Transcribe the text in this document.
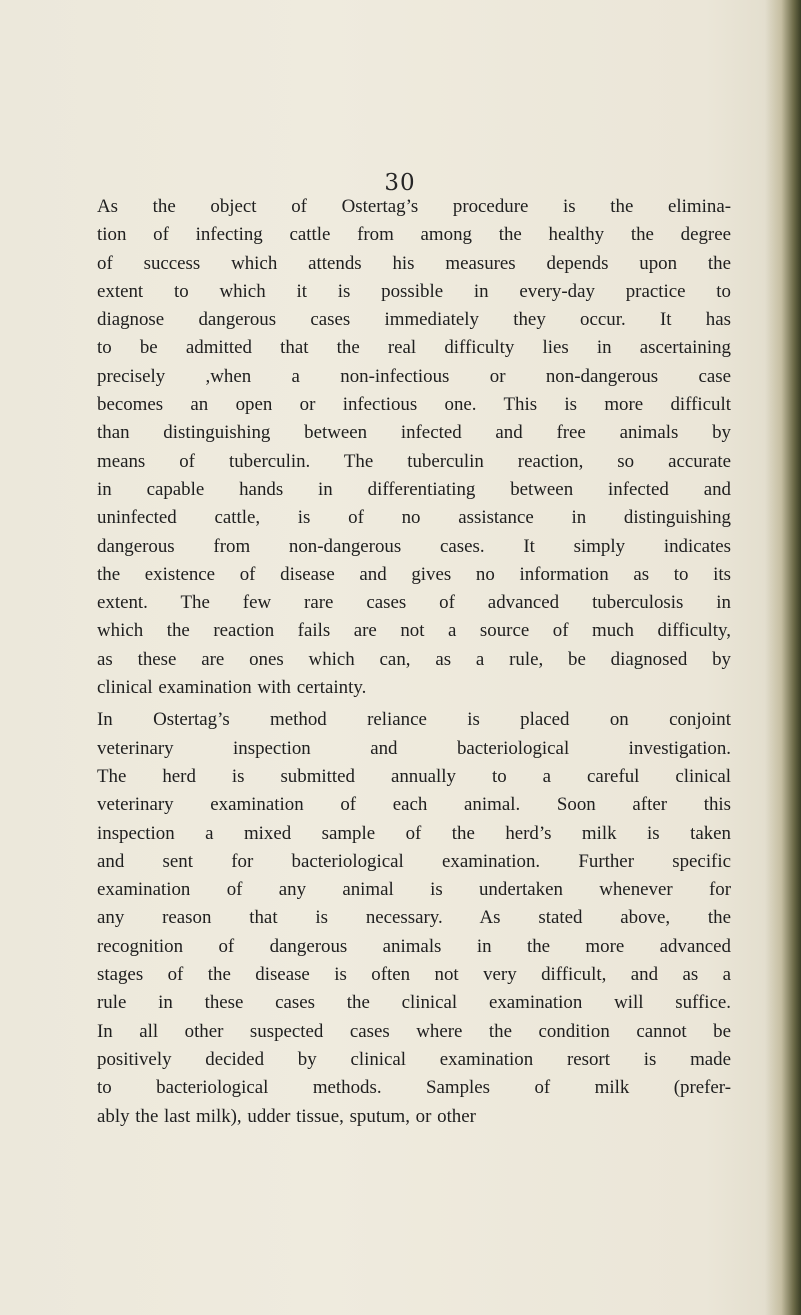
30
As the object of Ostertag’s procedure is the elimina-
tion of infecting cattle from among the healthy the degree
of success which attends his measures depends upon the
extent to which it is possible in every-day practice to
diagnose dangerous cases immediately they occur. It has
to be admitted that the real difficulty lies in ascertaining
precisely ,when a non-infectious or non-dangerous case
becomes an open or infectious one. This is more difficult
than distinguishing between infected and free animals by
means of tuberculin. The tuberculin reaction, so accurate
in capable hands in differentiating between infected and
uninfected cattle, is of no assistance in distinguishing
dangerous from non-dangerous cases. It simply indicates
the existence of disease and gives no information as to its
extent. The few rare cases of advanced tuberculosis in
which the reaction fails are not a source of much difficulty,
as these are ones which can, as a rule, be diagnosed by
clinical examination with certainty.
In Ostertag’s method reliance is placed on conjoint
veterinary inspection and bacteriological investigation.
The herd is submitted annually to a careful clinical
veterinary examination of each animal. Soon after this
inspection a mixed sample of the herd’s milk is taken
and sent for bacteriological examination. Further specific
examination of any animal is undertaken whenever for
any reason that is necessary. As stated above, the
recognition of dangerous animals in the more advanced
stages of the disease is often not very difficult, and as a
rule in these cases the clinical examination will suffice.
In all other suspected cases where the condition cannot be
positively decided by clinical examination resort is made
to bacteriological methods. Samples of milk (prefer-
ably the last milk), udder tissue, sputum, or other
